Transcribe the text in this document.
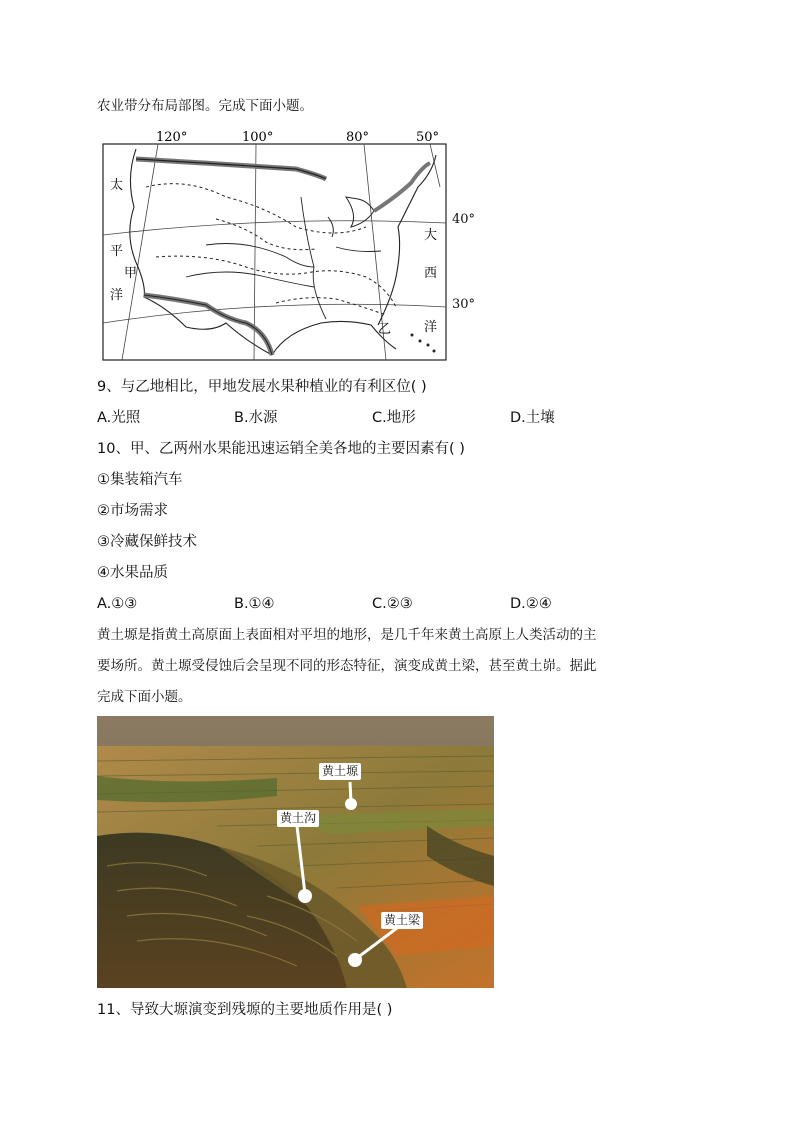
农业带分布局部图。完成下面小题。
120°	100°	80°	50°
太
平
洋
甲
大
西
洋
乙
40°
30°
9、与乙地相比，甲地发展水果种植业的有利区位( )
A.光照	B.水源	C.地形	D.土壤
10、甲、乙两州水果能迅速运销全美各地的主要因素有( )
①集装箱汽车
②市场需求
③冷藏保鲜技术
④水果品质
A.①③	B.①④	C.②③	D.②④
黄土塬是指黄土高原面上表面相对平坦的地形，是几千年来黄土高原上人类活动的主
要场所。黄土塬受侵蚀后会呈现不同的形态特征，演变成黄土梁，甚至黄土峁。据此
完成下面小题。
黄土塬
黄土沟
黄土梁
11、导致大塬演变到残塬的主要地质作用是( )
